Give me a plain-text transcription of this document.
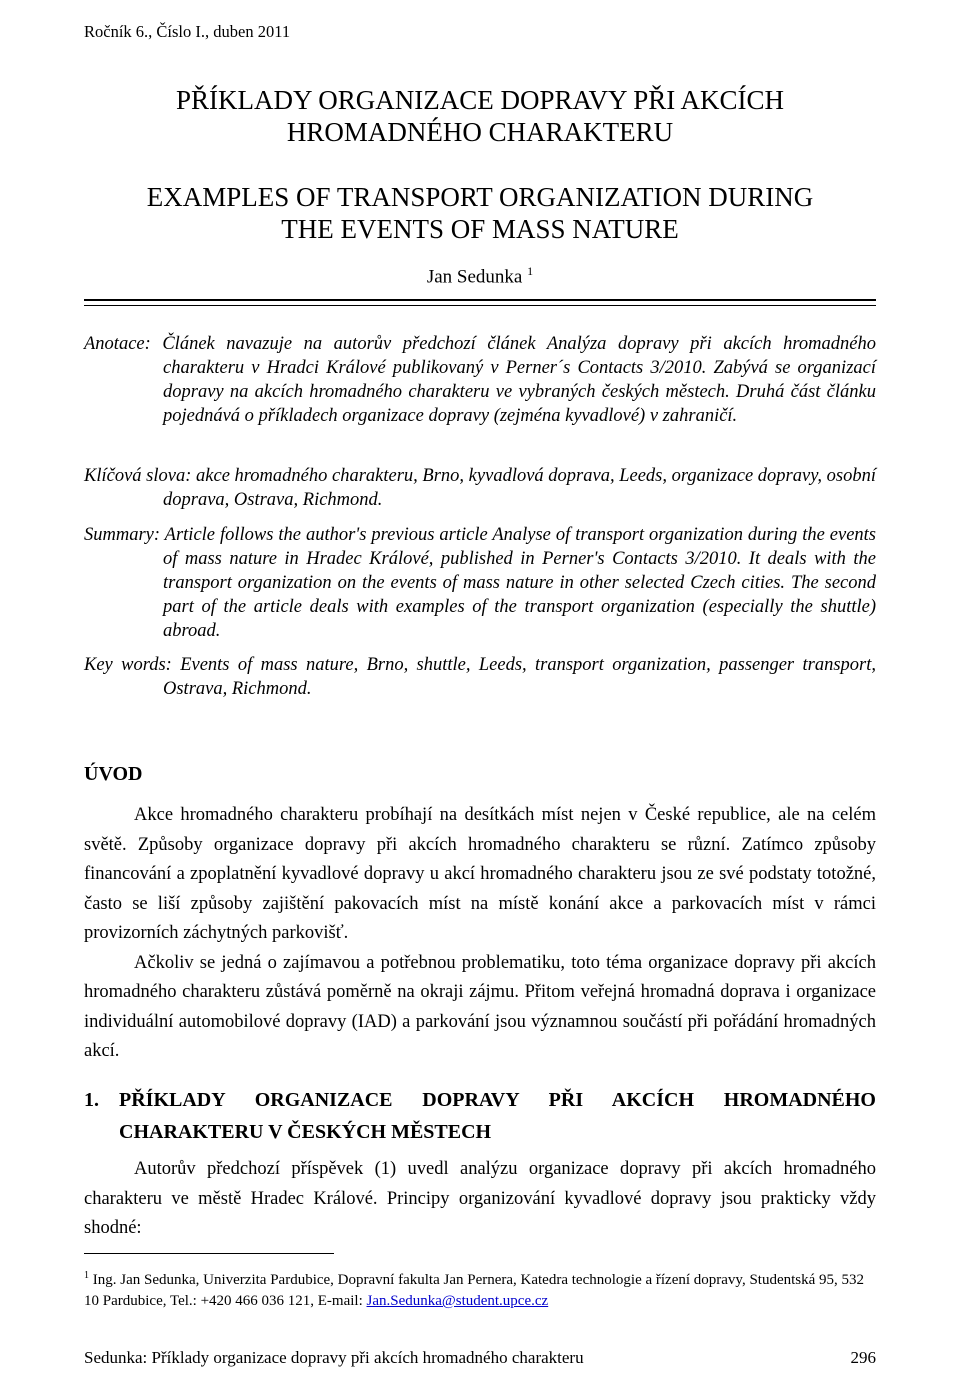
Ročník 6., Číslo I., duben 2011
PŘÍKLADY ORGANIZACE DOPRAVY PŘI AKCÍCH
HROMADNÉHO CHARAKTERU
EXAMPLES OF TRANSPORT ORGANIZATION DURING
THE EVENTS OF MASS NATURE
Jan Sedunka $^1$

Anotace: Článek navazuje na autorův předchozí článek Analýza dopravy při akcích hromadného charakteru v Hradci Králové publikovaný v Perner´s Contacts 3/2010. Zabývá se organizací dopravy na akcích hromadného charakteru ve vybraných českých městech. Druhá část článku pojednává o příkladech organizace dopravy (zejména kyvadlové) v zahraničí.

Klíčová slova: akce hromadného charakteru, Brno, kyvadlová doprava, Leeds, organizace dopravy, osobní doprava, Ostrava, Richmond.

Summary: Article follows the author's previous article Analyse of transport organization during the events of mass nature in Hradec Králové, published in Perner's Contacts 3/2010. It deals with the transport organization on the events of mass nature in other selected Czech cities. The second part of the article deals with examples of the transport organization (especially the shuttle) abroad.

Key words: Events of mass nature, Brno, shuttle, Leeds, transport organization, passenger transport, Ostrava, Richmond.

ÚVOD

Akce hromadného charakteru probíhají na desítkách míst nejen v České republice, ale na celém světě. Způsoby organizace dopravy při akcích hromadného charakteru se různí. Zatímco způsoby financování a zpoplatnění kyvadlové dopravy u akcí hromadného charakteru jsou ze své podstaty totožné, často se liší způsoby zajištění pakovacích míst na místě konání akce a parkovacích míst v rámci provizorních záchytných parkovišť.

Ačkoliv se jedná o zajímavou a potřebnou problematiku, toto téma organizace dopravy při akcích hromadného charakteru zůstává poměrně na okraji zájmu. Přitom veřejná hromadná doprava i organizace individuální automobilové dopravy (IAD) a parkování jsou významnou součástí při pořádání hromadných akcí.

1.	PŘÍKLADY ORGANIZACE DOPRAVY PŘI AKCÍCH HROMADNÉHO CHARAKTERU V ČESKÝCH MĚSTECH

Autorův předchozí příspěvek (1) uvedl analýzu organizace dopravy při akcích hromadného charakteru ve městě Hradec Králové. Principy organizování kyvadlové dopravy jsou prakticky vždy shodné:

$^1$ Ing. Jan Sedunka, Univerzita Pardubice, Dopravní fakulta Jan Pernera, Katedra technologie a řízení dopravy, Studentská 95, 532 10 Pardubice, Tel.: +420 466 036 121, E-mail: Jan.Sedunka@student.upce.cz
Sedunka: Příklady organizace dopravy při akcích hromadného charakteru	296
